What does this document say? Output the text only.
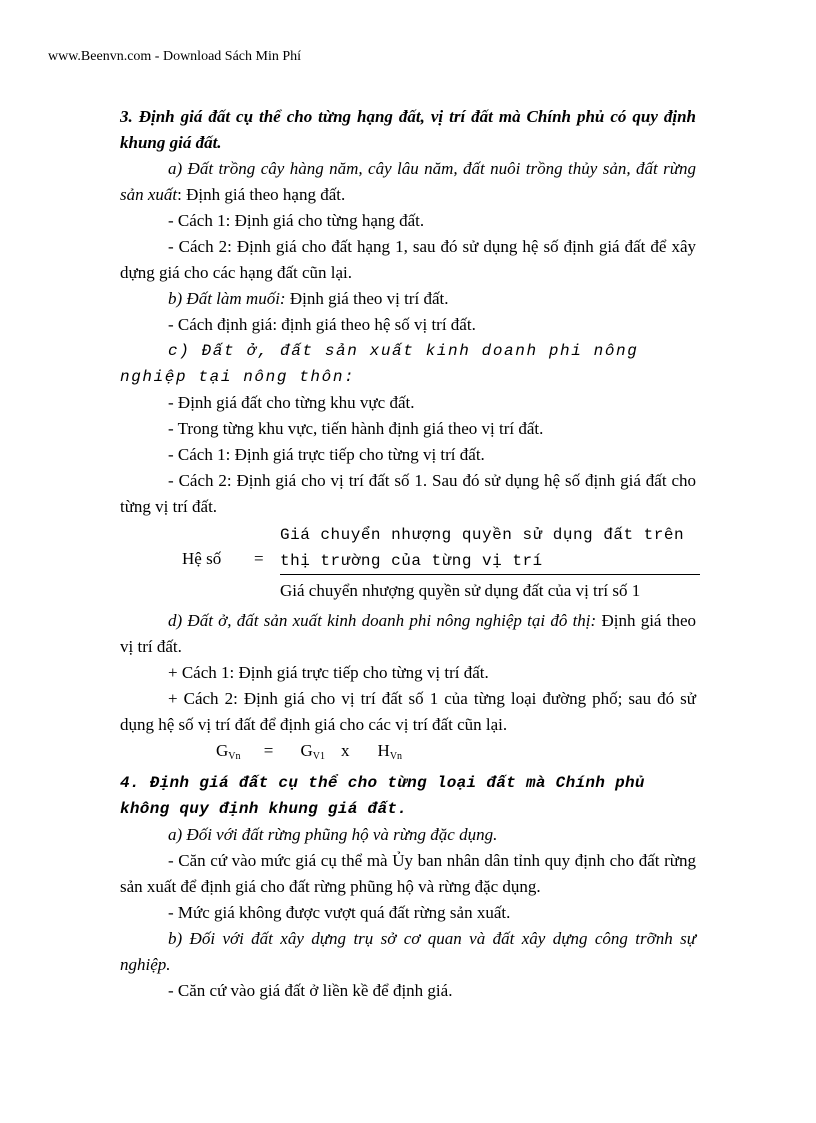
www.Beenvn.com - Download Sách Min Phí

3. Định giá đất cụ thể cho từng hạng đất, vị trí đất mà Chính phủ có quy định khung giá đất.

a) Đất trồng cây hàng năm, cây lâu năm, đất nuôi trồng thủy sản, đất rừng sản xuất: Định giá theo hạng đất.

- Cách 1: Định giá cho từng hạng đất.

- Cách 2: Định giá cho đất hạng 1, sau đó sử dụng hệ số định giá đất để xây dựng giá cho các hạng đất cũn lại.

b) Đất làm muối: Định giá theo vị trí đất.

- Cách định giá: định giá theo hệ số vị trí đất.

c) Đất ở, đất sản xuất kinh doanh phi nông nghiệp tại nông thôn:

- Định giá đất cho từng khu vực đất.

- Trong từng khu vực, tiến hành định giá theo vị trí đất.

- Cách 1: Định giá trực tiếp cho từng vị trí đất.

- Cách 2: Định giá cho vị trí đất số 1. Sau đó sử dụng hệ số định giá đất cho từng vị trí đất.

Hệ số =
Giá chuyển nhượng quyền sử dụng đất trên thị trường của từng vị trí
Giá chuyển nhượng quyền sử dụng đất của vị trí số 1

d) Đất ở, đất sản xuất kinh doanh phi nông nghiệp tại đô thị: Định giá theo vị trí đất.

+ Cách 1: Định giá trực tiếp cho từng vị trí đất.

+ Cách 2: Định giá cho vị trí đất số 1 của từng loại đường phố; sau đó sử dụng hệ số vị trí đất để định giá cho các vị trí đất cũn lại.

$G_{Vn} = G_{V1}$ x $H_{Vn}$

4. Định giá đất cụ thể cho từng loại đất mà Chính phủ không quy định khung giá đất.

a) Đối với đất rừng phũng hộ và rừng đặc dụng.

- Căn cứ vào mức giá cụ thể mà Ủy ban nhân dân tỉnh quy định cho đất rừng sản xuất để định giá cho đất rừng phũng hộ và rừng đặc dụng.

- Mức giá không được vượt quá đất rừng sản xuất.

b) Đối với đất xây dựng trụ sở cơ quan và đất xây dựng công trỡnh sự nghiệp.

- Căn cứ vào giá đất ở liền kề để định giá.
